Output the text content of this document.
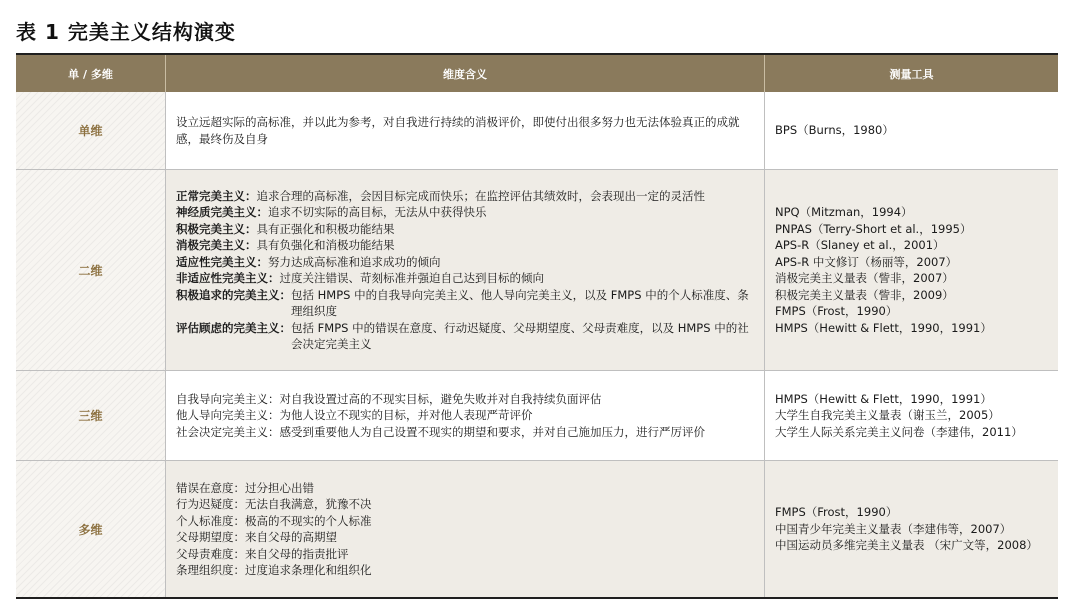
表 1 完美主义结构演变
单 / 多维	维度含义	测量工具
单维
设立远超实际的高标准，并以此为参考，对自我进行持续的消极评价，即使付出很多努力也无法体验真正的成就感，最终伤及自身
BPS（Burns，1980）
二维
正常完美主义： 追求合理的高标准，会因目标完成而快乐；在监控评估其绩效时，会表现出一定的灵活性
神经质完美主义： 追求不切实际的高目标，无法从中获得快乐
积极完美主义： 具有正强化和积极功能结果
消极完美主义： 具有负强化和消极功能结果
适应性完美主义： 努力达成高标准和追求成功的倾向
非适应性完美主义： 过度关注错误、苛刻标准并强迫自己达到目标的倾向
积极追求的完美主义： 包括 HMPS 中的自我导向完美主义、他人导向完美主义，以及 FMPS 中的个人标准度、条理组织度
评估顾虑的完美主义： 包括 FMPS 中的错误在意度、行动迟疑度、父母期望度、父母责难度，以及 HMPS 中的社会决定完美主义
NPQ（Mitzman，1994）
PNPAS（Terry-Short et al.，1995）
APS-R（Slaney et al.，2001）
APS-R 中文修订（杨丽等，2007）
消极完美主义量表（訾非，2007）
积极完美主义量表（訾非，2009）
FMPS（Frost，1990）
HMPS（Hewitt & Flett，1990，1991）
三维
自我导向完美主义： 对自我设置过高的不现实目标，避免失败并对自我持续负面评估
他人导向完美主义： 为他人设立不现实的目标，并对他人表现严苛评价
社会决定完美主义： 感受到重要他人为自己设置不现实的期望和要求，并对自己施加压力，进行严厉评价
HMPS（Hewitt & Flett，1990，1991）
大学生自我完美主义量表（谢玉兰，2005）
大学生人际关系完美主义问卷（李建伟，2011）
多维
错误在意度： 过分担心出错
行为迟疑度： 无法自我满意，犹豫不决
个人标准度： 极高的不现实的个人标准
父母期望度： 来自父母的高期望
父母责难度： 来自父母的指责批评
条理组织度： 过度追求条理化和组织化
FMPS（Frost，1990）
中国青少年完美主义量表（李建伟等，2007）
中国运动员多维完美主义量表 （宋广文等，2008）
